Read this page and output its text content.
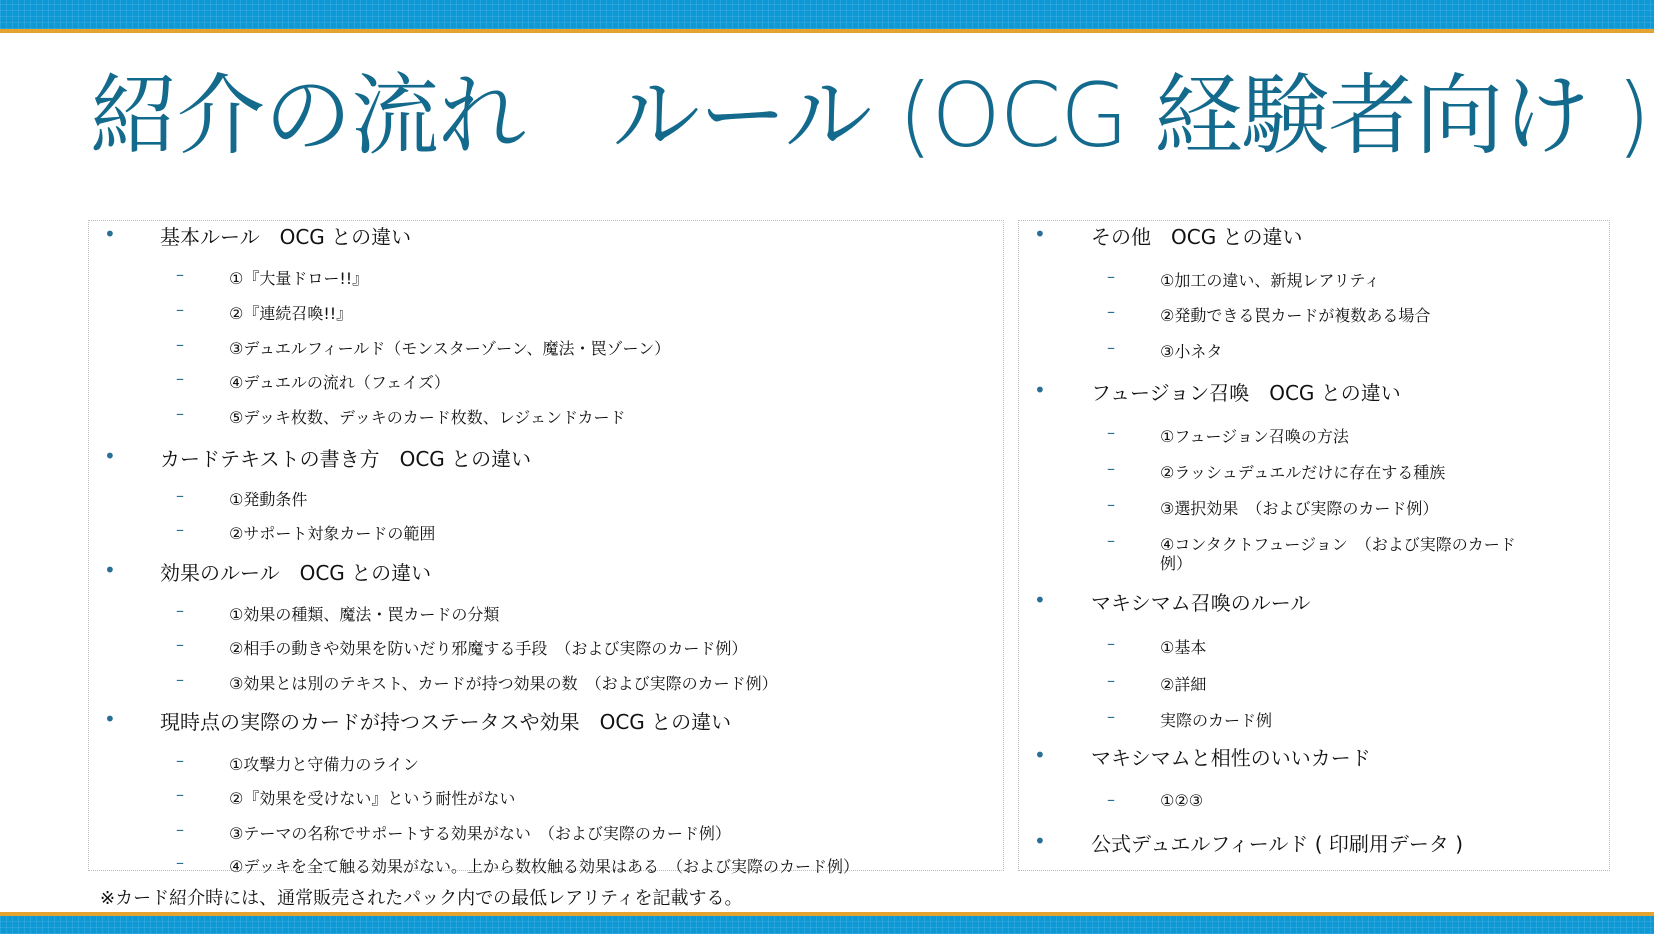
紹介の流れ　ルール (OCG 経験者向け )
• 基本ルール　OCG との違い
–	①『大量ドロー!!』
–	②『連続召喚!!』
–	③デュエルフィールド（モンスターゾーン、魔法・罠ゾーン）
–	④デュエルの流れ（フェイズ）
–	⑤デッキ枚数、デッキのカード枚数、レジェンドカード
• カードテキストの書き方　OCG との違い
–	①発動条件
–	②サポート対象カードの範囲
• 効果のルール　OCG との違い
–	①効果の種類、魔法・罠カードの分類
–	②相手の動きや効果を防いだり邪魔する手段　（および実際のカード例）
–	③効果とは別のテキスト、カードが持つ効果の数　（および実際のカード例）
• 現時点の実際のカードが持つステータスや効果　OCG との違い
–	①攻撃力と守備力のライン
–	②『効果を受けない』という耐性がない
–	③テーマの名称でサポートする効果がない　（および実際のカード例）
–	④デッキを全て触る効果がない。上から数枚触る効果はある　（および実際のカード例）
• その他　OCG との違い
–	①加工の違い、新規レアリティ
–	②発動できる罠カードが複数ある場合
–	③小ネタ
• フュージョン召喚　OCG との違い
–	①フュージョン召喚の方法
–	②ラッシュデュエルだけに存在する種族
–	③選択効果　（および実際のカード例）
–	④コンタクトフュージョン　（および実際のカード
例）
• マキシマム召喚のルール
–	①基本
–	②詳細
–	実際のカード例
• マキシマムと相性のいいカード
–	①②③
• 公式デュエルフィールド ( 印刷用データ )
※カード紹介時には、通常販売されたパック内での最低レアリティを記載する。
